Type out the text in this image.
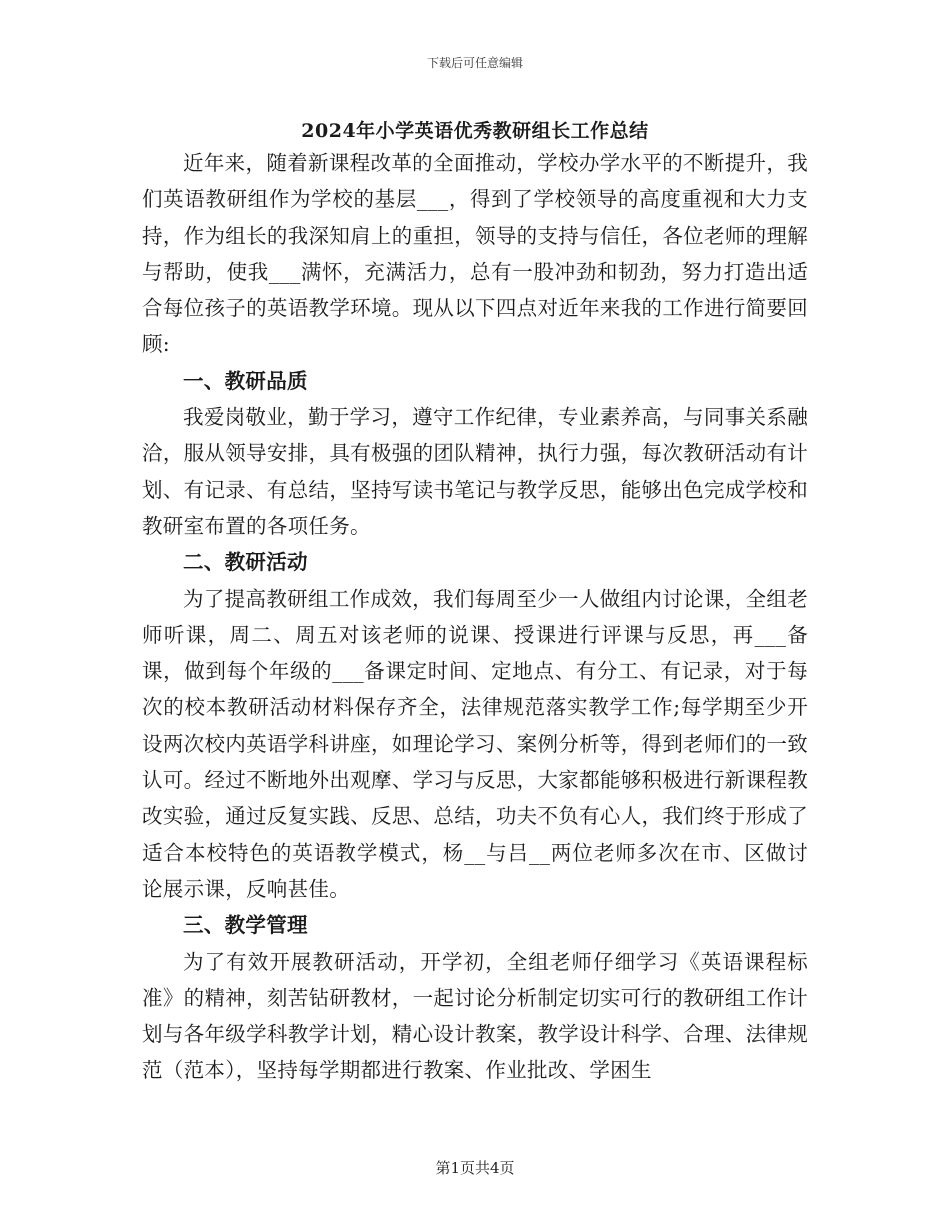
下载后可任意编辑
2024年小学英语优秀教研组长工作总结

近年来，随着新课程改革的全面推动，学校办学水平的不断提升，我们英语教研组作为学校的基层___，得到了学校领导的高度重视和大力支持，作为组长的我深知肩上的重担，领导的支持与信任，各位老师的理解与帮助，使我___满怀，充满活力，总有一股冲劲和韧劲，努力打造出适合每位孩子的英语教学环境。现从以下四点对近年来我的工作进行简要回顾:

一、教研品质

我爱岗敬业，勤于学习，遵守工作纪律，专业素养高，与同事关系融洽，服从领导安排，具有极强的团队精神，执行力强，每次教研活动有计划、有记录、有总结，坚持写读书笔记与教学反思，能够出色完成学校和教研室布置的各项任务。

二、教研活动

为了提高教研组工作成效，我们每周至少一人做组内讨论课，全组老师听课，周二、周五对该老师的说课、授课进行评课与反思，再___备课，做到每个年级的___备课定时间、定地点、有分工、有记录，对于每次的校本教研活动材料保存齐全，法律规范落实教学工作;每学期至少开设两次校内英语学科讲座，如理论学习、案例分析等，得到老师们的一致认可。经过不断地外出观摩、学习与反思，大家都能够积极进行新课程教改实验，通过反复实践、反思、总结，功夫不负有心人，我们终于形成了适合本校特色的英语教学模式，杨__与吕__两位老师多次在市、区做讨论展示课，反响甚佳。

三、教学管理

为了有效开展教研活动，开学初，全组老师仔细学习《英语课程标准》的精神，刻苦钻研教材，一起讨论分析制定切实可行的教研组工作计划与各年级学科教学计划，精心设计教案，教学设计科学、合理、法律规范（范本），坚持每学期都进行教案、作业批改、学困生

第1页共4页
